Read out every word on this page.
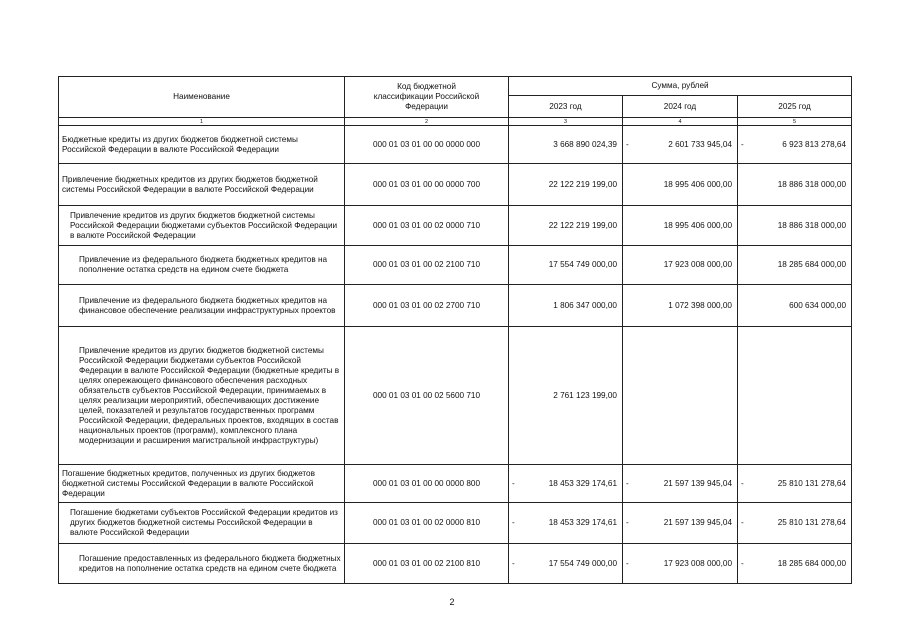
Наименование	Код бюджетной классификации Российской Федерации	Сумма, рублей		
		2023 год	2024 год	2025 год
1	2	3	4	5
Бюджетные кредиты из других бюджетов бюджетной системы Российской Федерации в валюте Российской Федерации	000 01 03 01 00 00 0000 000	3 668 890 024,39	- 2 601 733 945,04	- 6 923 813 278,64
Привлечение бюджетных кредитов из других бюджетов бюджетной системы Российской Федерации в валюте Российской Федерации	000 01 03 01 00 00 0000 700	22 122 219 199,00	18 995 406 000,00	18 886 318 000,00
Привлечение кредитов из других бюджетов бюджетной системы Российской Федерации бюджетами субъектов Российской Федерации в валюте Российской Федерации	000 01 03 01 00 02 0000 710	22 122 219 199,00	18 995 406 000,00	18 886 318 000,00
Привлечение из федерального бюджета бюджетных кредитов на пополнение остатка средств на едином счете бюджета	000 01 03 01 00 02 2100 710	17 554 749 000,00	17 923 008 000,00	18 285 684 000,00
Привлечение из федерального бюджета бюджетных кредитов на финансовое обеспечение реализации инфраструктурных проектов	000 01 03 01 00 02 2700 710	1 806 347 000,00	1 072 398 000,00	600 634 000,00
Привлечение кредитов из других бюджетов бюджетной системы Российской Федерации бюджетами субъектов Российской Федерации в валюте Российской Федерации (бюджетные кредиты в целях опережающего финансового обеспечения расходных обязательств субъектов Российской Федерации, принимаемых в целях реализации мероприятий, обеспечивающих достижение целей, показателей и результатов государственных программ Российской Федерации, федеральных проектов, входящих в состав национальных проектов (программ), комплексного плана модернизации и расширения магистральной инфраструктуры)	000 01 03 01 00 02 5600 710	2 761 123 199,00	

Погашение бюджетных кредитов, полученных из других бюджетов бюджетной системы Российской Федерации в валюте Российской Федерации	000 01 03 01 00 00 0000 800	- 18 453 329 174,61	- 21 597 139 945,04	- 25 810 131 278,64
Погашение бюджетами субъектов Российской Федерации кредитов из других бюджетов бюджетной системы Российской Федерации в валюте Российской Федерации	000 01 03 01 00 02 0000 810	- 18 453 329 174,61	- 21 597 139 945,04	- 25 810 131 278,64
Погашение предоставленных из федерального бюджета бюджетных кредитов на пополнение остатка средств на едином счете бюджета	000 01 03 01 00 02 2100 810	- 17 554 749 000,00	- 17 923 008 000,00	- 18 285 684 000,00
2
